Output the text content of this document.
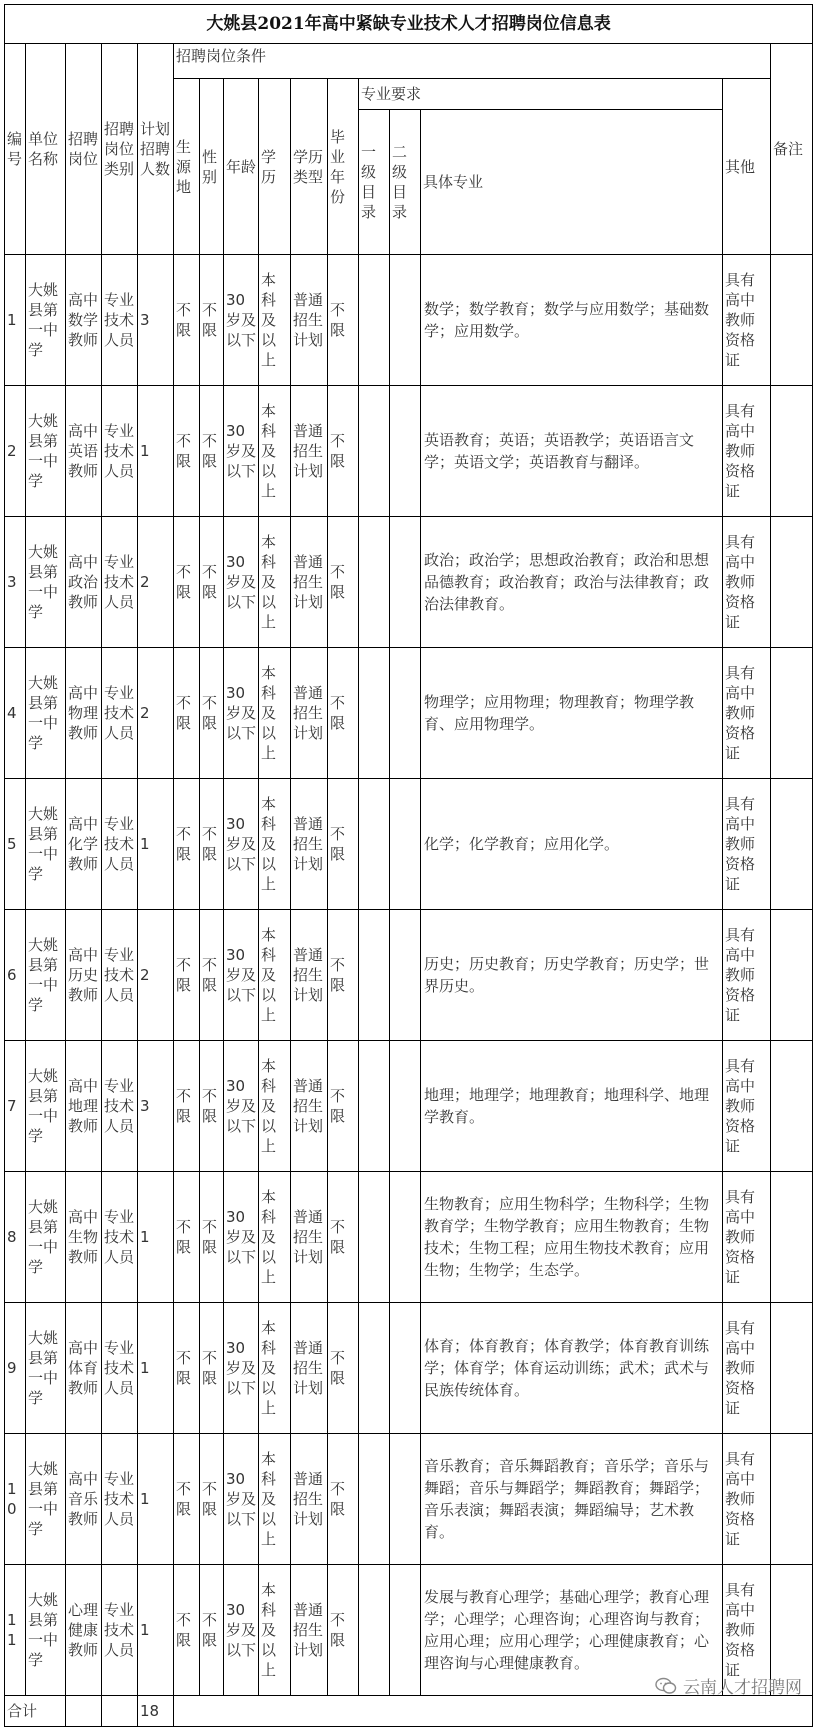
大姚县2021年高中紧缺专业技术人才招聘岗位信息表															
编号	单位名称	招聘岗位	招聘岗位类别	计划招聘人数	招聘岗位条件										备注
					生源地	性别	年龄	学历	学历类型	毕业年份	专业要求			其他	
											一级目录	二级目录	具体专业		
1	大姚县第一中学	高中数学教师	专业技术人员	3	不限	不限	30岁及以下	本科及以上	普通招生计划	不限			数学；数学教育；数学与应用数学；基础数学；应用数学。	具有高中教师资格证	
2	大姚县第一中学	高中英语教师	专业技术人员	1	不限	不限	30岁及以下	本科及以上	普通招生计划	不限			英语教育；英语；英语教学；英语语言文学；英语文学；英语教育与翻译。	具有高中教师资格证	
3	大姚县第一中学	高中政治教师	专业技术人员	2	不限	不限	30岁及以下	本科及以上	普通招生计划	不限			政治；政治学；思想政治教育；政治和思想品德教育；政治教育；政治与法律教育；政治法律教育。	具有高中教师资格证	
4	大姚县第一中学	高中物理教师	专业技术人员	2	不限	不限	30岁及以下	本科及以上	普通招生计划	不限			物理学；应用物理；物理教育；物理学教育、应用物理学。	具有高中教师资格证	
5	大姚县第一中学	高中化学教师	专业技术人员	1	不限	不限	30岁及以下	本科及以上	普通招生计划	不限			化学；化学教育；应用化学。	具有高中教师资格证	
6	大姚县第一中学	高中历史教师	专业技术人员	2	不限	不限	30岁及以下	本科及以上	普通招生计划	不限			历史；历史教育；历史学教育；历史学；世界历史。	具有高中教师资格证	
7	大姚县第一中学	高中地理教师	专业技术人员	3	不限	不限	30岁及以下	本科及以上	普通招生计划	不限			地理；地理学；地理教育；地理科学、地理学教育。	具有高中教师资格证	
8	大姚县第一中学	高中生物教师	专业技术人员	1	不限	不限	30岁及以下	本科及以上	普通招生计划	不限			生物教育；应用生物科学；生物科学；生物教育学；生物学教育；应用生物教育；生物技术；生物工程；应用生物技术教育；应用生物；生物学；生态学。	具有高中教师资格证	
9	大姚县第一中学	高中体育教师	专业技术人员	1	不限	不限	30岁及以下	本科及以上	普通招生计划	不限			体育；体育教育；体育教学；体育教育训练学；体育学；体育运动训练；武术；武术与民族传统体育。	具有高中教师资格证	
10	大姚县第一中学	高中音乐教师	专业技术人员	1	不限	不限	30岁及以下	本科及以上	普通招生计划	不限			音乐教育；音乐舞蹈教育；音乐学；音乐与舞蹈；音乐与舞蹈学；舞蹈教育；舞蹈学；音乐表演；舞蹈表演；舞蹈编导；艺术教育。	具有高中教师资格证	
11	大姚县第一中学	心理健康教师	专业技术人员	1	不限	不限	30岁及以下	本科及以上	普通招生计划	不限			发展与教育心理学；基础心理学；教育心理学；心理学；心理咨询；心理咨询与教育；应用心理；应用心理学；心理健康教育；心理咨询与心理健康教育。	具有高中教师资格证	
合计				18											
云南人才招聘网
